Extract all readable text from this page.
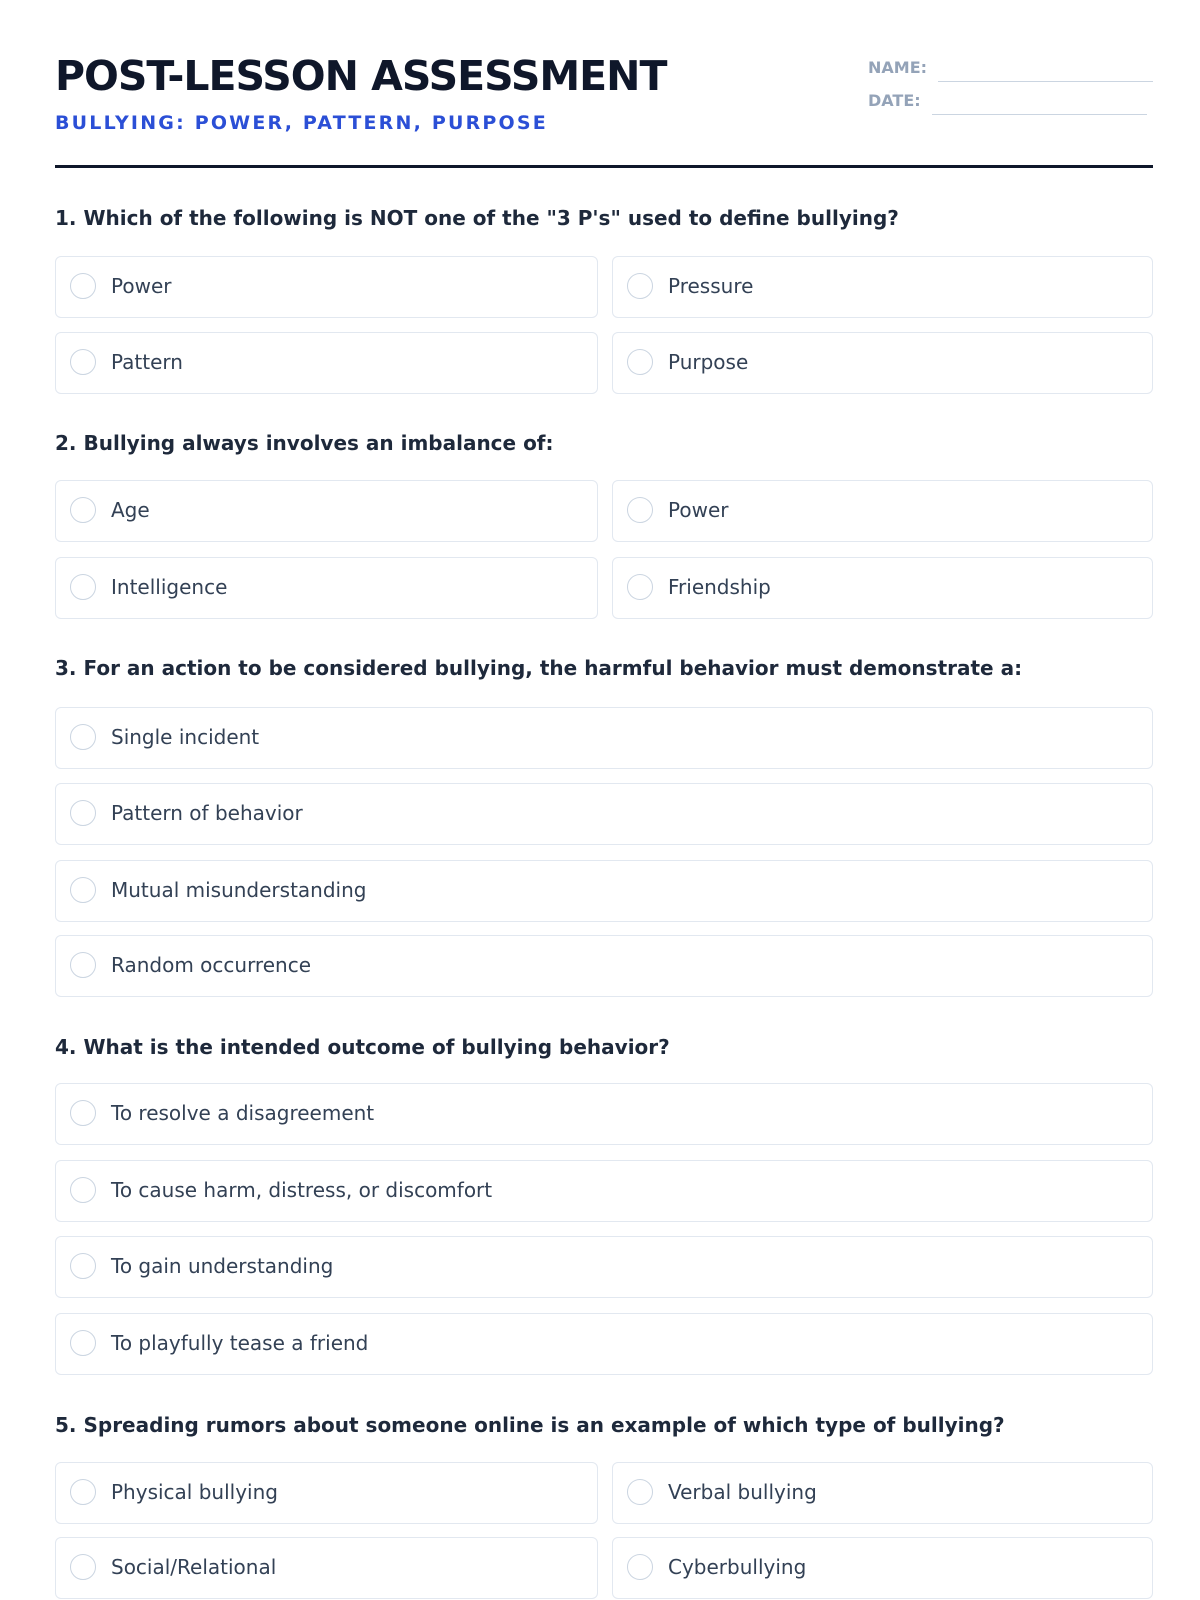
POST-LESSON ASSESSMENT
BULLYING: POWER, PATTERN, PURPOSE
NAME:
DATE:

1. Which of the following is NOT one of the "3 P's" used to define bullying?

Power	Pressure
Pattern	Purpose

2. Bullying always involves an imbalance of:

Age	Power
Intelligence	Friendship

3. For an action to be considered bullying, the harmful behavior must demonstrate a:

Single incident
Pattern of behavior
Mutual misunderstanding
Random occurrence

4. What is the intended outcome of bullying behavior?

To resolve a disagreement
To cause harm, distress, or discomfort
To gain understanding
To playfully tease a friend

5. Spreading rumors about someone online is an example of which type of bullying?

Physical bullying	Verbal bullying
Social/Relational	Cyberbullying
